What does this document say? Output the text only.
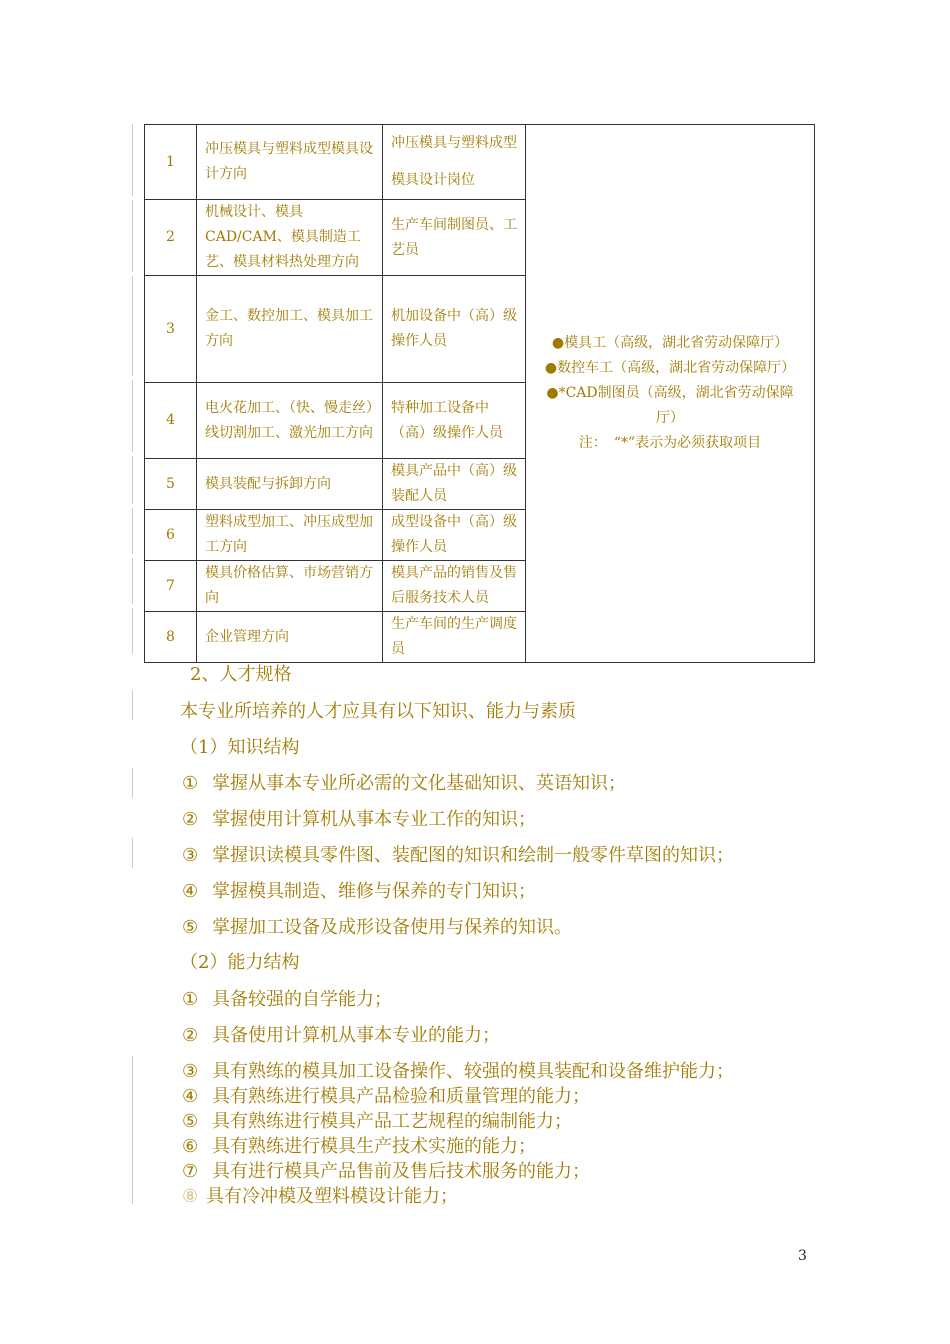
1	冲压模具与塑料成型模具设计方向	冲压模具与塑料成型模具设计岗位	●模具工（高级，湖北省劳动保障厅）
●数控车工（高级，湖北省劳动保障厅）
●*CAD制图员（高级，湖北省劳动保障
厅）
注：　“*”表示为必须获取项目

2	机械设计、模具CAD/CAM、模具制造工艺、模具材料热处理方向	生产车间制图员、工艺员	
3	金工、数控加工、模具加工方向	机加设备中（高）级操作人员	
4	电火花加工、（快、慢走丝）线切割加工、激光加工方向	特种加工设备中（高）级操作人员	
5	模具装配与拆卸方向	模具产品中（高）级装配人员	
6	塑料成型加工、冲压成型加工方向	成型设备中（高）级操作人员	
7	模具价格估算、市场营销方向	模具产品的销售及售后服务技术人员	
8	企业管理方向	生产车间的生产调度员	
2、人才规格
本专业所培养的人才应具有以下知识、能力与素质
（1）知识结构
① 掌握从事本专业所必需的文化基础知识、英语知识；
② 掌握使用计算机从事本专业工作的知识；
③ 掌握识读模具零件图、装配图的知识和绘制一般零件草图的知识；
④ 掌握模具制造、维修与保养的专门知识；
⑤ 掌握加工设备及成形设备使用与保养的知识。
（2）能力结构
① 具备较强的自学能力；
② 具备使用计算机从事本专业的能力；
③ 具有熟练的模具加工设备操作、较强的模具装配和设备维护能力；
④ 具有熟练进行模具产品检验和质量管理的能力；
⑤ 具有熟练进行模具产品工艺规程的编制能力；
⑥ 具有熟练进行模具生产技术实施的能力；
⑦ 具有进行模具产品售前及售后技术服务的能力；
⑧ 具有冷冲模及塑料模设计能力；
3
